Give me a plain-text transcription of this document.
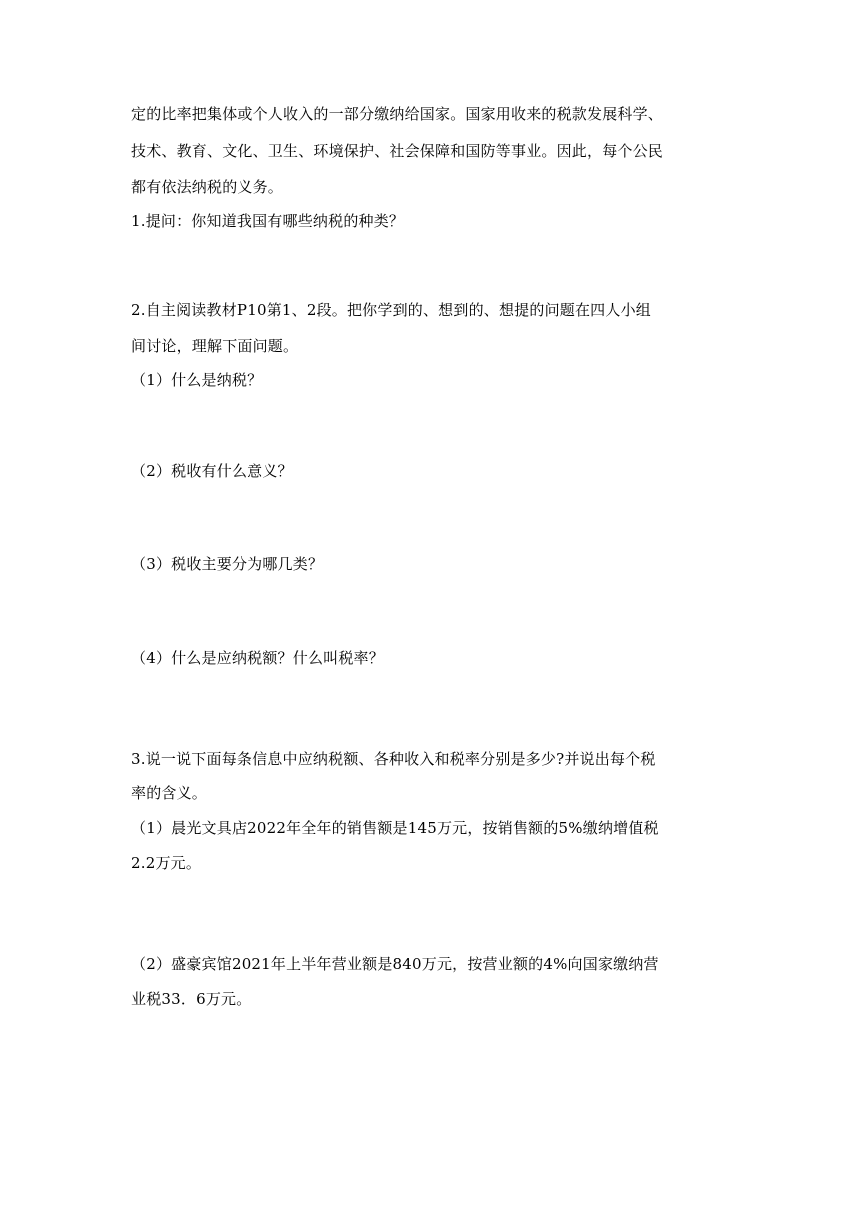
定的比率把集体或个人收入的一部分缴纳给国家。国家用收来的税款发展科学、
技术、教育、文化、卫生、环境保护、社会保障和国防等事业。因此，每个公民
都有依法纳税的义务。
1.提问：你知道我国有哪些纳税的种类？
2.自主阅读教材P10第1、2段。把你学到的、想到的、想提的问题在四人小组
间讨论，理解下面问题。
（1）什么是纳税？
（2）税收有什么意义？
（3）税收主要分为哪几类？
（4）什么是应纳税额？什么叫税率？
3.说一说下面每条信息中应纳税额、各种收入和税率分别是多少?并说出每个税
率的含义。
（1）晨光文具店2022年全年的销售额是145万元，按销售额的5%缴纳增值税
2.2万元。
（2）盛豪宾馆2021年上半年营业额是840万元，按营业额的4%向国家缴纳营
业税33．6万元。
